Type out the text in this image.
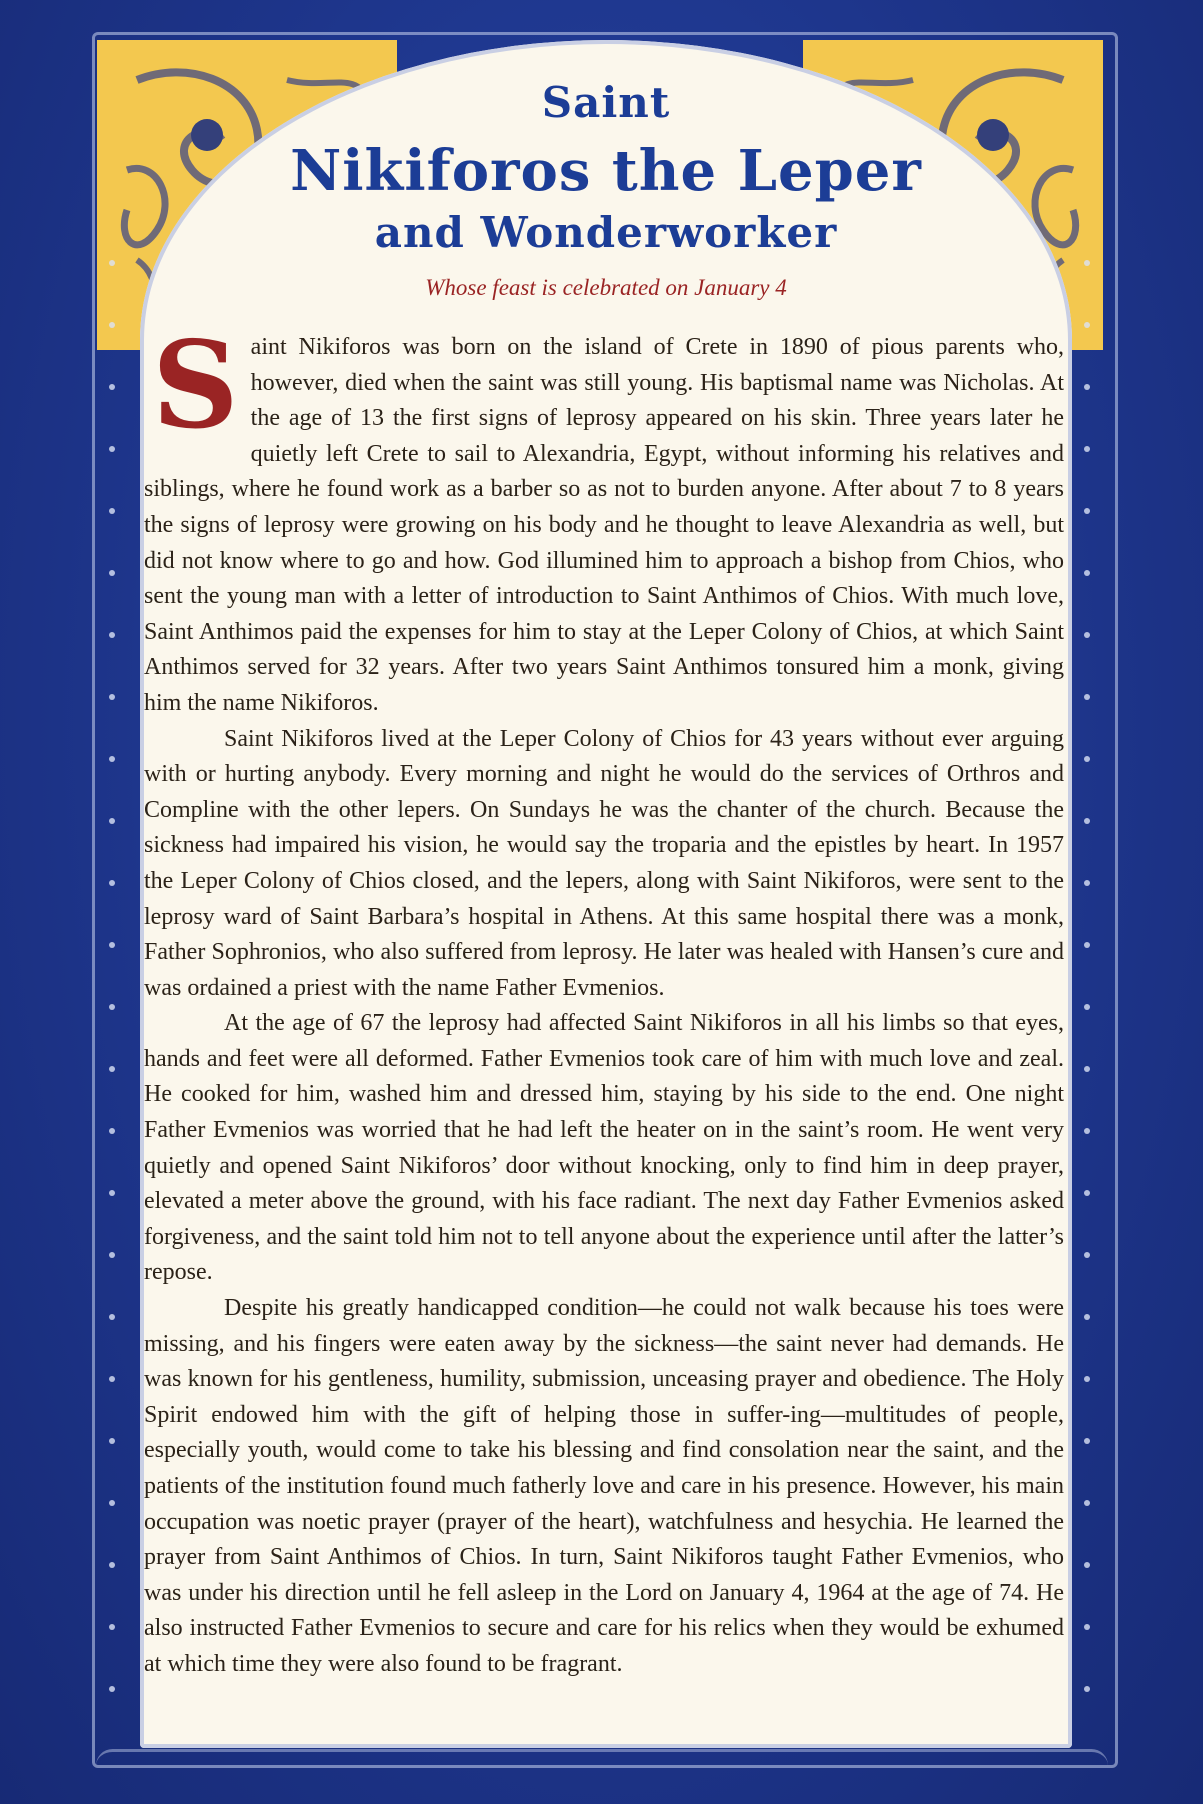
Saint
Nikiforos the Leper
and Wonderworker

Whose feast is celebrated on January 4

Saint Nikiforos was born on the island of Crete in 1890 of pious parents who, however, died when the saint was still young. His baptismal name was Nicholas. At the age of 13 the first signs of leprosy appeared on his skin. Three years later he quietly left Crete to sail to Alexandria, Egypt, without informing his relatives and siblings, where he found work as a barber so as not to burden anyone. After about 7 to 8 years the signs of leprosy were growing on his body and he thought to leave Alexandria as well, but did not know where to go and how. God illumined him to approach a bishop from Chios, who sent the young man with a letter of introduction to Saint Anthimos of Chios. With much love, Saint Anthimos paid the expenses for him to stay at the Leper Colony of Chios, at which Saint Anthimos served for 32 years. After two years Saint Anthimos tonsured him a monk, giving him the name Nikiforos.

Saint Nikiforos lived at the Leper Colony of Chios for 43 years without ever arguing with or hurting anybody. Every morning and night he would do the services of Orthros and Compline with the other lepers. On Sundays he was the chanter of the church. Because the sickness had impaired his vision, he would say the troparia and the epistles by heart. In 1957 the Leper Colony of Chios closed, and the lepers, along with Saint Nikiforos, were sent to the leprosy ward of Saint Barbara’s hospital in Athens. At this same hospital there was a monk, Father Sophronios, who also suffered from leprosy. He later was healed with Hansen’s cure and was ordained a priest with the name Father Evmenios.

At the age of 67 the leprosy had affected Saint Nikiforos in all his limbs so that eyes, hands and feet were all deformed. Father Evmenios took care of him with much love and zeal. He cooked for him, washed him and dressed him, staying by his side to the end. One night Father Evmenios was worried that he had left the heater on in the saint’s room. He went very quietly and opened Saint Nikiforos’ door without knocking, only to find him in deep prayer, elevated a meter above the ground, with his face radiant. The next day Father Evmenios asked forgiveness, and the saint told him not to tell anyone about the experience until after the latter’s repose.

Despite his greatly handicapped condition—he could not walk because his toes were missing, and his fingers were eaten away by the sickness—the saint never had demands. He was known for his gentleness, humility, submission, unceasing prayer and obedience. The Holy Spirit endowed him with the gift of helping those in suffer-ing—multitudes of people, especially youth, would come to take his blessing and find consolation near the saint, and the patients of the institution found much fatherly love and care in his presence. However, his main occupation was noetic prayer (prayer of the heart), watchfulness and hesychia. He learned the prayer from Saint Anthimos of Chios. In turn, Saint Nikiforos taught Father Evmenios, who was under his direction until he fell asleep in the Lord on January 4, 1964 at the age of 74. He also instructed Father Evmenios to secure and care for his relics when they would be exhumed at which time they were also found to be fragrant.
